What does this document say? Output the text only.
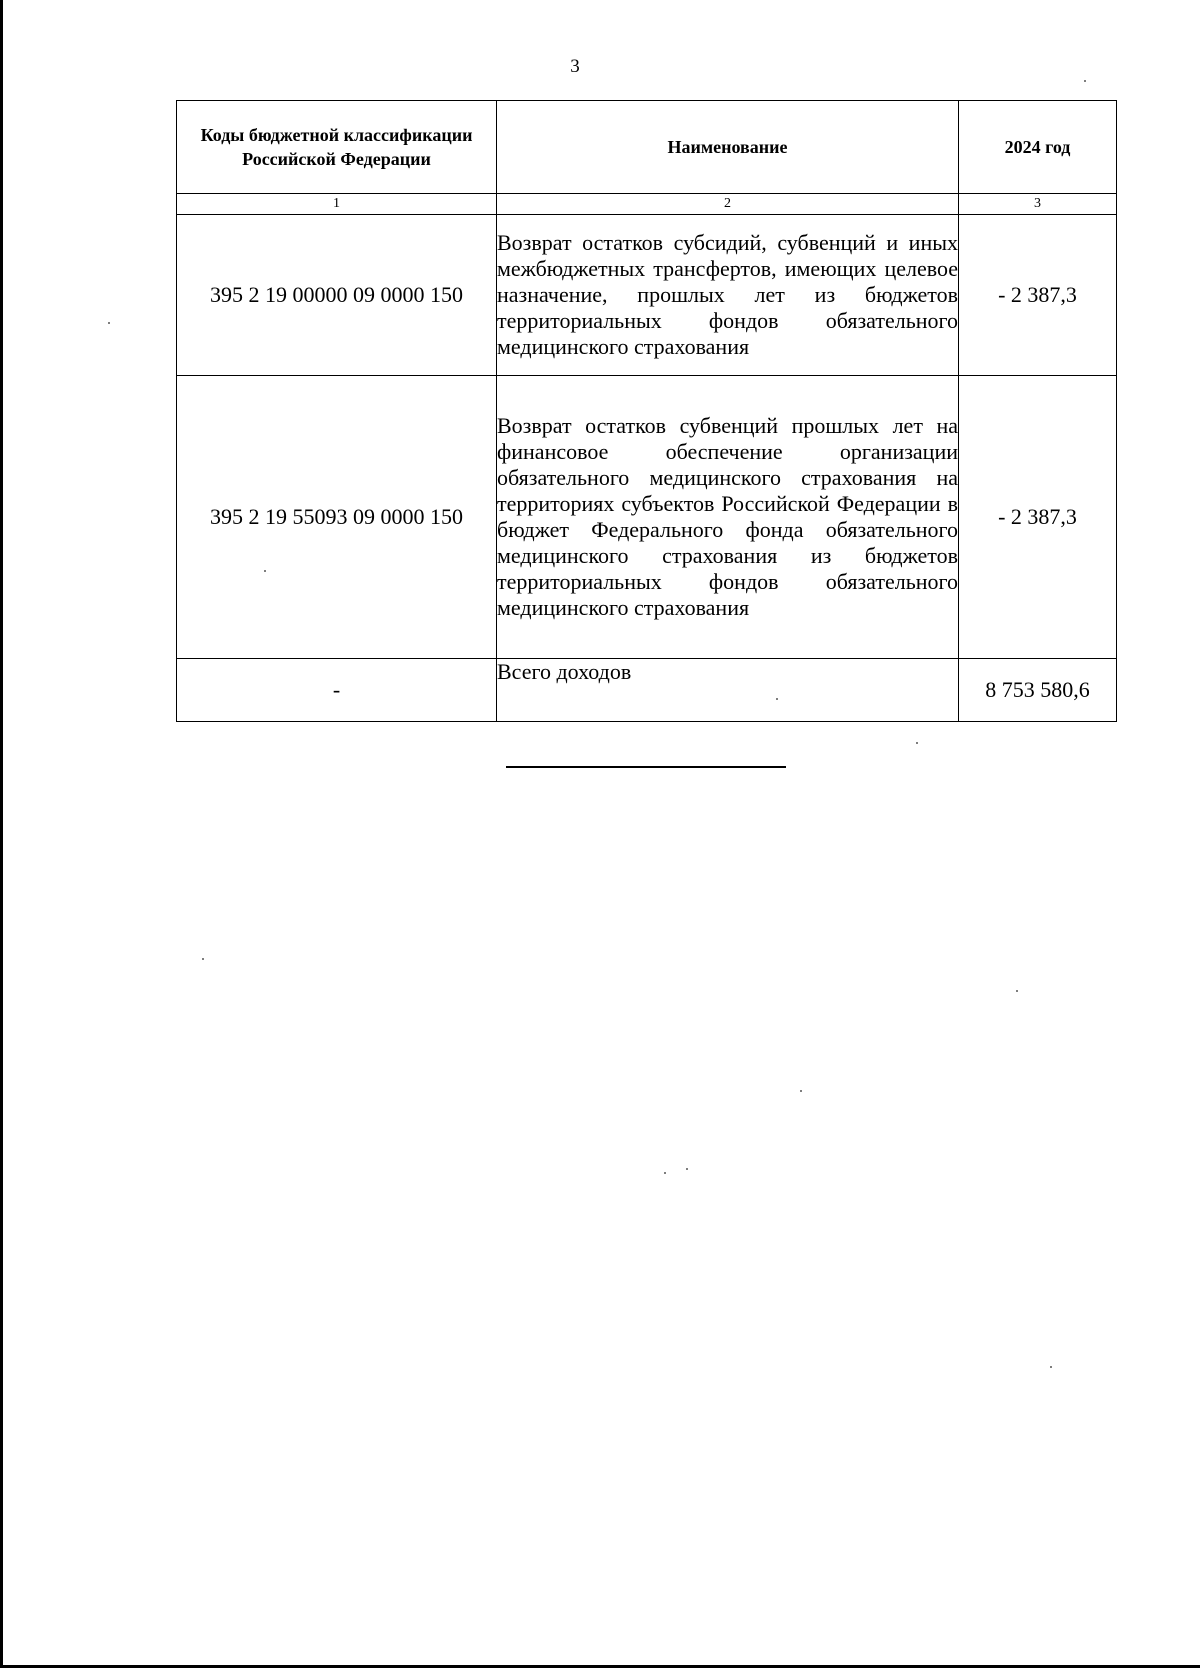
3
Коды бюджетной классификации Российской Федерации	Наименование	2024 год
1	2	3
395 2 19 00000 09 0000 150	Возврат остатков субсидий, субвенций и иных межбюджетных трансфертов, имеющих целевое назначение, прошлых лет из бюджетов территориальных фондов обязательного медицинского страхования	- 2 387,3
395 2 19 55093 09 0000 150	Возврат остатков субвенций прошлых лет на финансовое обеспечение организации обязательного медицинского страхования на территориях субъектов Российской Федерации в бюджет Федерального фонда обязательного медицинского страхования из бюджетов территориальных фондов обязательного медицинского страхования	- 2 387,3
-	Всего доходов	8 753 580,6
